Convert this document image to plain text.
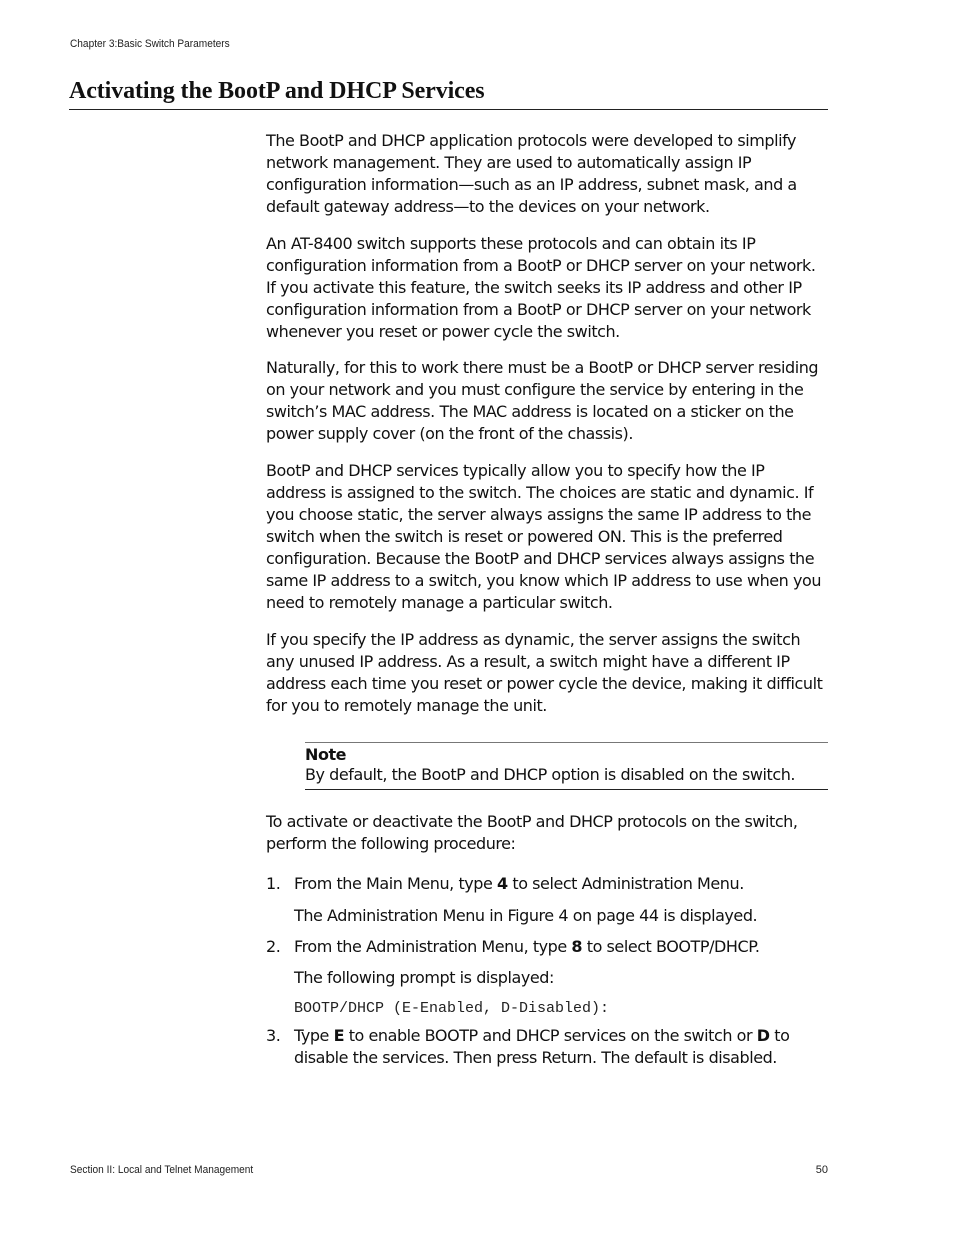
Chapter 3:Basic Switch Parameters
Activating the BootP and DHCP Services

The BootP and DHCP application protocols were developed to simplify network management. They are used to automatically assign IP configuration information—such as an IP address, subnet mask, and a default gateway address—to the devices on your network.

An AT-8400 switch supports these protocols and can obtain its IP configuration information from a BootP or DHCP server on your network. If you activate this feature, the switch seeks its IP address and other IP configuration information from a BootP or DHCP server on your network whenever you reset or power cycle the switch.

Naturally, for this to work there must be a BootP or DHCP server residing on your network and you must configure the service by entering in the switch’s MAC address. The MAC address is located on a sticker on the power supply cover (on the front of the chassis).

BootP and DHCP services typically allow you to specify how the IP address is assigned to the switch. The choices are static and dynamic. If you choose static, the server always assigns the same IP address to the switch when the switch is reset or powered ON. This is the preferred configuration. Because the BootP and DHCP services always assigns the same IP address to a switch, you know which IP address to use when you need to remotely manage a particular switch.

If you specify the IP address as dynamic, the server assigns the switch any unused IP address. As a result, a switch might have a different IP address each time you reset or power cycle the device, making it difficult for you to remotely manage the unit.

Note
By default, the BootP and DHCP option is disabled on the switch.

To activate or deactivate the BootP and DHCP protocols on the switch, perform the following procedure:

1. From the Main Menu, type 4 to select Administration Menu.
The Administration Menu in Figure 4 on page 44 is displayed.
2. From the Administration Menu, type 8 to select BOOTP/DHCP.
The following prompt is displayed:
BOOTP/DHCP (E-Enabled, D-Disabled):
3. Type E to enable BOOTP and DHCP services on the switch or D to disable the services. Then press Return. The default is disabled.
Section II: Local and Telnet Management	50
